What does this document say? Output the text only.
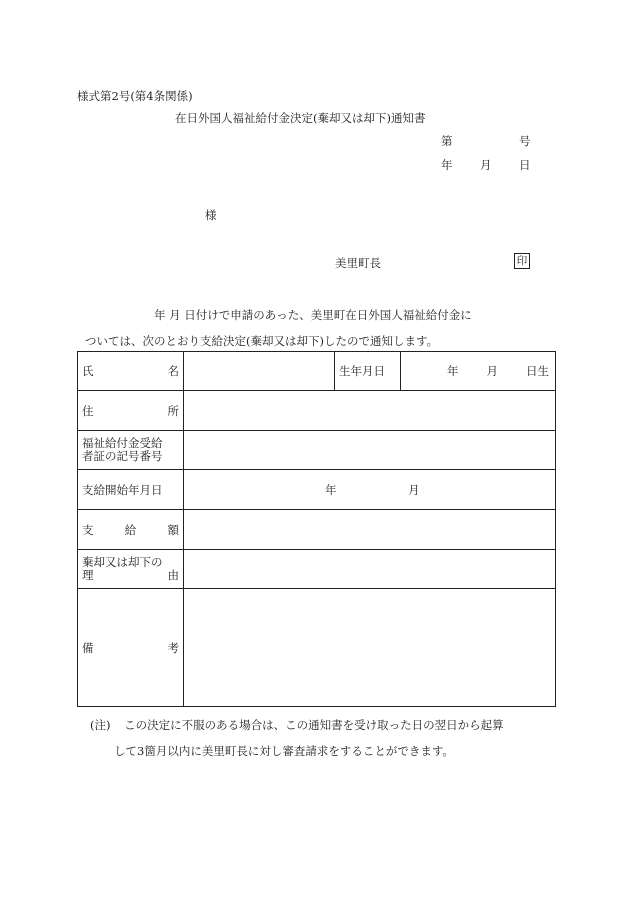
様式第2号(第4条関係)
在日外国人福祉給付金決定(棄却又は却下)通知書
第	号
年 月 日
様
美里町長	印
年 月 日付けで申請のあった、美里町在日外国人福祉給付金に
ついては、次のとおり支給決定(棄却又は却下)したので通知します。
氏 名		生年月日	年 月 日生

住 所			

福祉給付金受給
者証の記号番号			

支給開始年月日	年 月		

支 給 額			

棄却又は却下の
理 由			

備 考			

(注) この決定に不服のある場合は、この通知書を受け取った日の翌日から起算
して3箇月以内に美里町長に対し審査請求をすることができます。
